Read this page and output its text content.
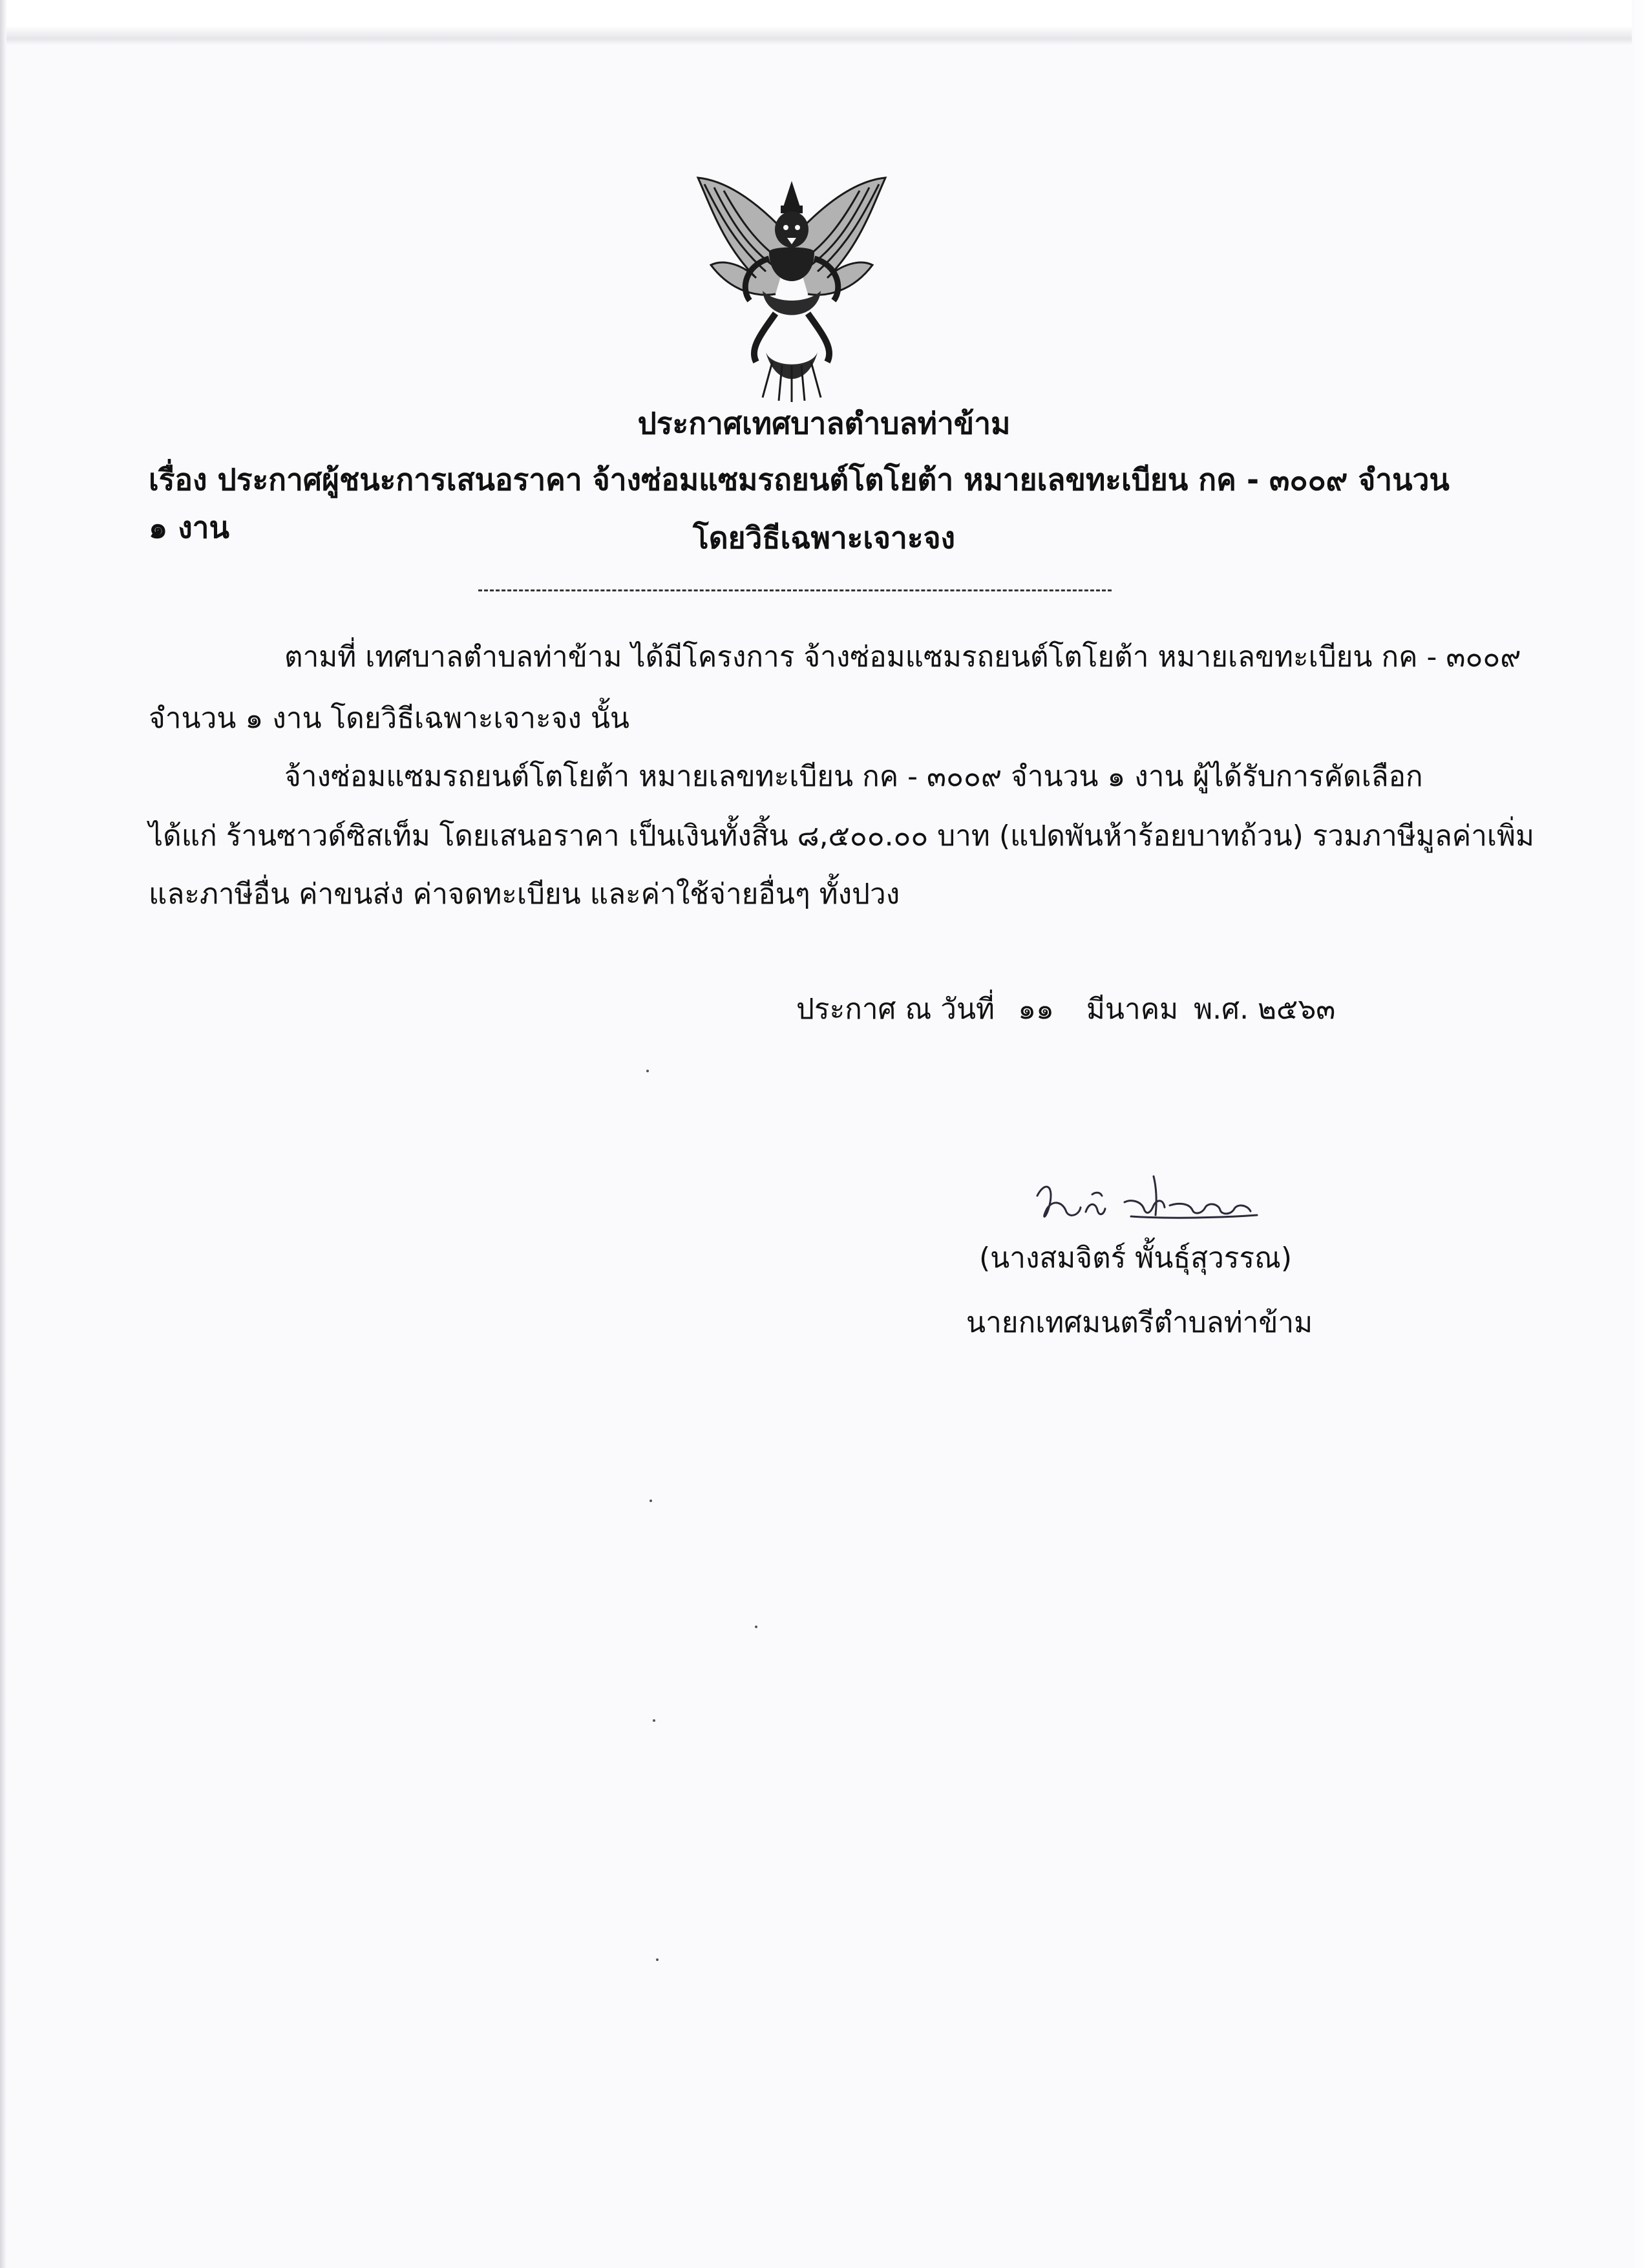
ประกาศเทศบาลตำบลท่าข้าม
เรื่อง ประกาศผู้ชนะการเสนอราคา จ้างซ่อมแซมรถยนต์โตโยต้า หมายเลขทะเบียน กค - ๓๐๐๙ จำนวน ๑ งาน	โดยวิธีเฉพาะเจาะจง
ตามที่ เทศบาลตำบลท่าข้าม ได้มีโครงการ จ้างซ่อมแซมรถยนต์โตโยต้า หมายเลขทะเบียน กค - ๓๐๐๙
จำนวน ๑ งาน โดยวิธีเฉพาะเจาะจง นั้น
จ้างซ่อมแซมรถยนต์โตโยต้า หมายเลขทะเบียน กค - ๓๐๐๙ จำนวน ๑ งาน ผู้ได้รับการคัดเลือก
ได้แก่ ร้านซาวด์ซิสเท็ม โดยเสนอราคา เป็นเงินทั้งสิ้น ๘,๕๐๐.๐๐ บาท (แปดพันห้าร้อยบาทถ้วน) รวมภาษีมูลค่าเพิ่ม
และภาษีอื่น ค่าขนส่ง ค่าจดทะเบียน และค่าใช้จ่ายอื่นๆ ทั้งปวง
ประกาศ ณ วันที่ ๑๑ มีนาคม พ.ศ. ๒๕๖๓
(นางสมจิตร์ พั้นธุ์สุวรรณ)
นายกเทศมนตรีตำบลท่าข้าม
